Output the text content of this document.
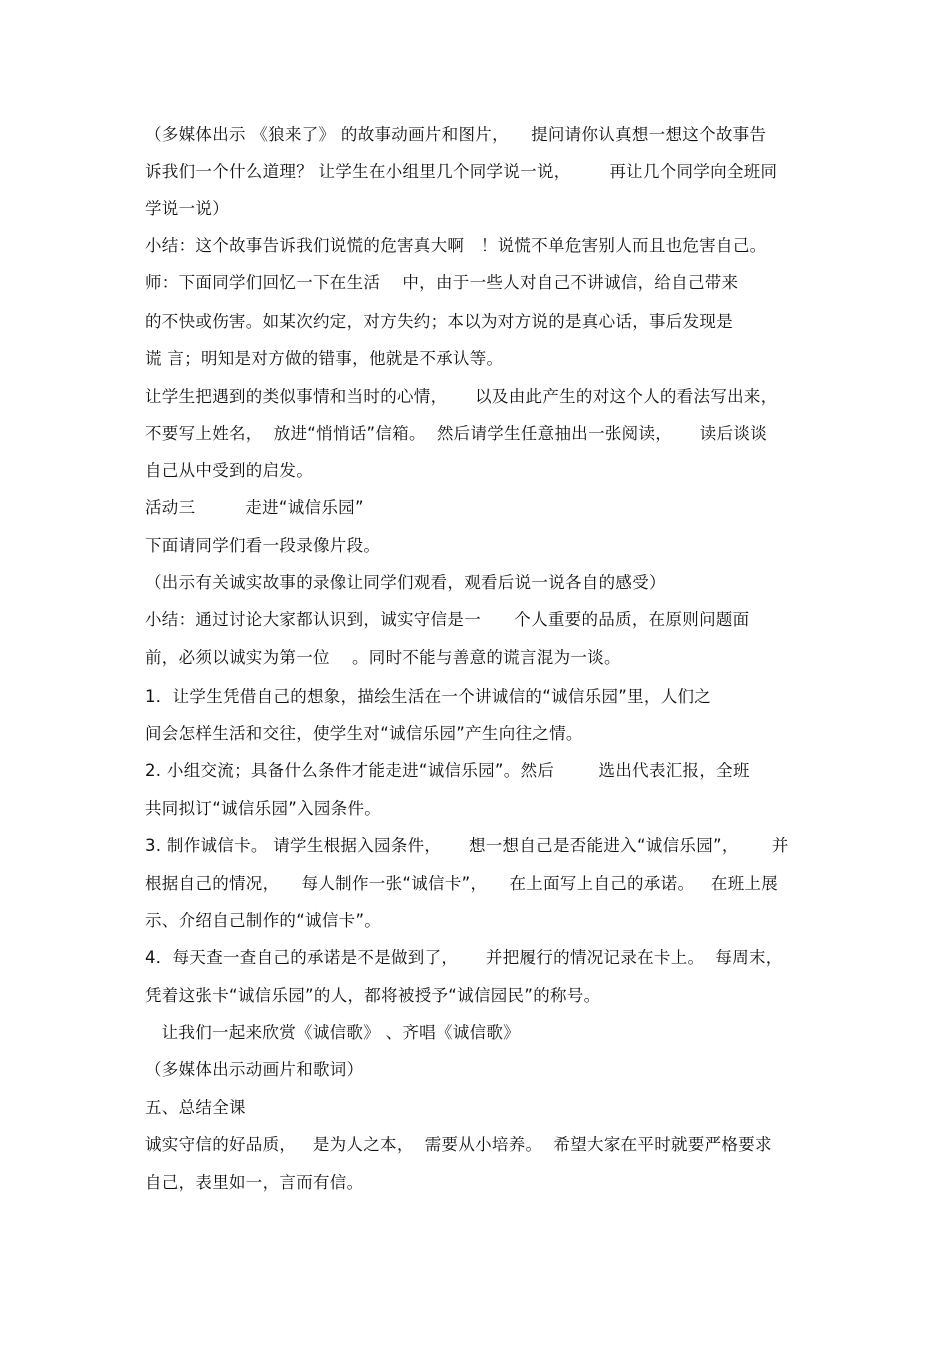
（多媒体出示 《狼来了》 的故事动画片和图片，    提问请你认真想一想这个故事告
诉我们一个什么道理？ 让学生在小组里几个同学说一说，       再让几个同学向全班同
学说一说）
小结：这个故事告诉我们说慌的危害真大啊   ！说慌不单危害别人而且也危害自己。
师：下面同学们回忆一下在生活    中，由于一些人对自己不讲诚信，给自己带来
的不快或伤害。如某次约定，对方失约；本以为对方说的是真心话，事后发现是
谎 言；明知是对方做的错事，他就是不承认等。
让学生把遇到的类似事情和当时的心情，     以及由此产生的对这个人的看法写出来，
不要写上姓名，  放进“悄悄话”信箱。  然后请学生任意抽出一张阅读，     读后谈谈
自己从中受到的启发。
活动三         走进“诚信乐园”
下面请同学们看一段录像片段。
（出示有关诚实故事的录像让同学们观看，观看后说一说各自的感受）
小结：通过讨论大家都认识到，诚实守信是一      个人重要的品质，在原则问题面
前，必须以诚实为第一位    。同时不能与善意的谎言混为一谈。
1．让学生凭借自己的想象，描绘生活在一个讲诚信的“诚信乐园”里，人们之
间会怎样生活和交往，使学生对“诚信乐园”产生向往之情。
2. 小组交流；具备什么条件才能走进“诚信乐园”。然后        选出代表汇报，全班
共同拟订“诚信乐园”入园条件。
3. 制作诚信卡。 请学生根据入园条件，     想一想自己是否能进入“诚信乐园”，      并
根据自己的情况，    每人制作一张“诚信卡”，    在上面写上自己的承诺。   在班上展
示、介绍自己制作的“诚信卡”。
4．每天查一查自己的承诺是不是做到了，     并把履行的情况记录在卡上。  每周末，
凭着这张卡“诚信乐园”的人，都将被授予“诚信园民”的称号。
让我们一起来欣赏《诚信歌》 、齐唱《诚信歌》
（多媒体出示动画片和歌词）
五、总结全课
诚实守信的好品质，   是为人之本，  需要从小培养。  希望大家在平时就要严格要求
自己，表里如一，言而有信。
